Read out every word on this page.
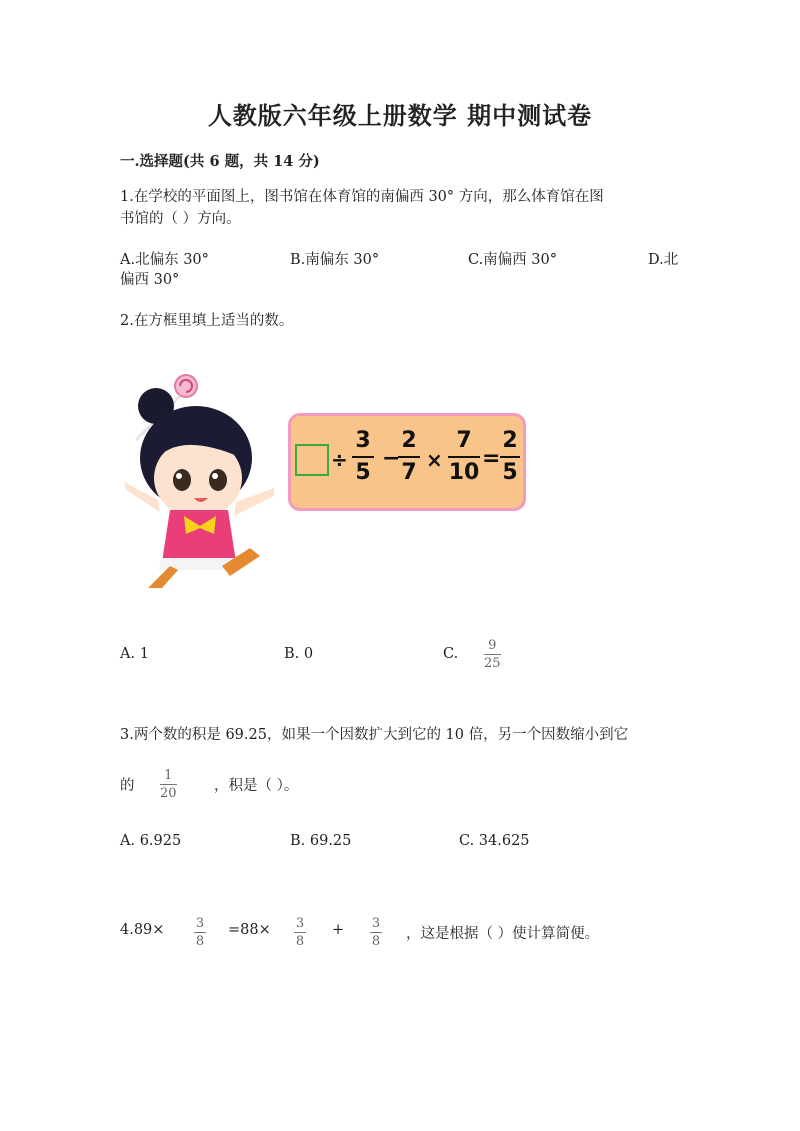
人教版六年级上册数学 期中测试卷
一.选择题(共 6 题，共 14 分)
1.在学校的平面图上，图书馆在体育馆的南偏西 30° 方向，那么体育馆在图
书馆的（ ）方向。
A.北偏东 30°	B.南偏东 30°	C.南偏西 30°	D.北
偏西 30°
2.在方框里填上适当的数。
÷
3
5
−
2
7 ×
7
10
=
2
5
A. 1	B. 0	C.
9
25
3.两个数的积是 69.25，如果一个因数扩大到它的 10 倍，另一个因数缩小到它
的
1
20	，积是（ ）。
A. 6.925	B. 69.25	C. 34.625
4.89× 3
8
=88× 3
8
+ 3
8 ，这是根据（ ）使计算简便。
